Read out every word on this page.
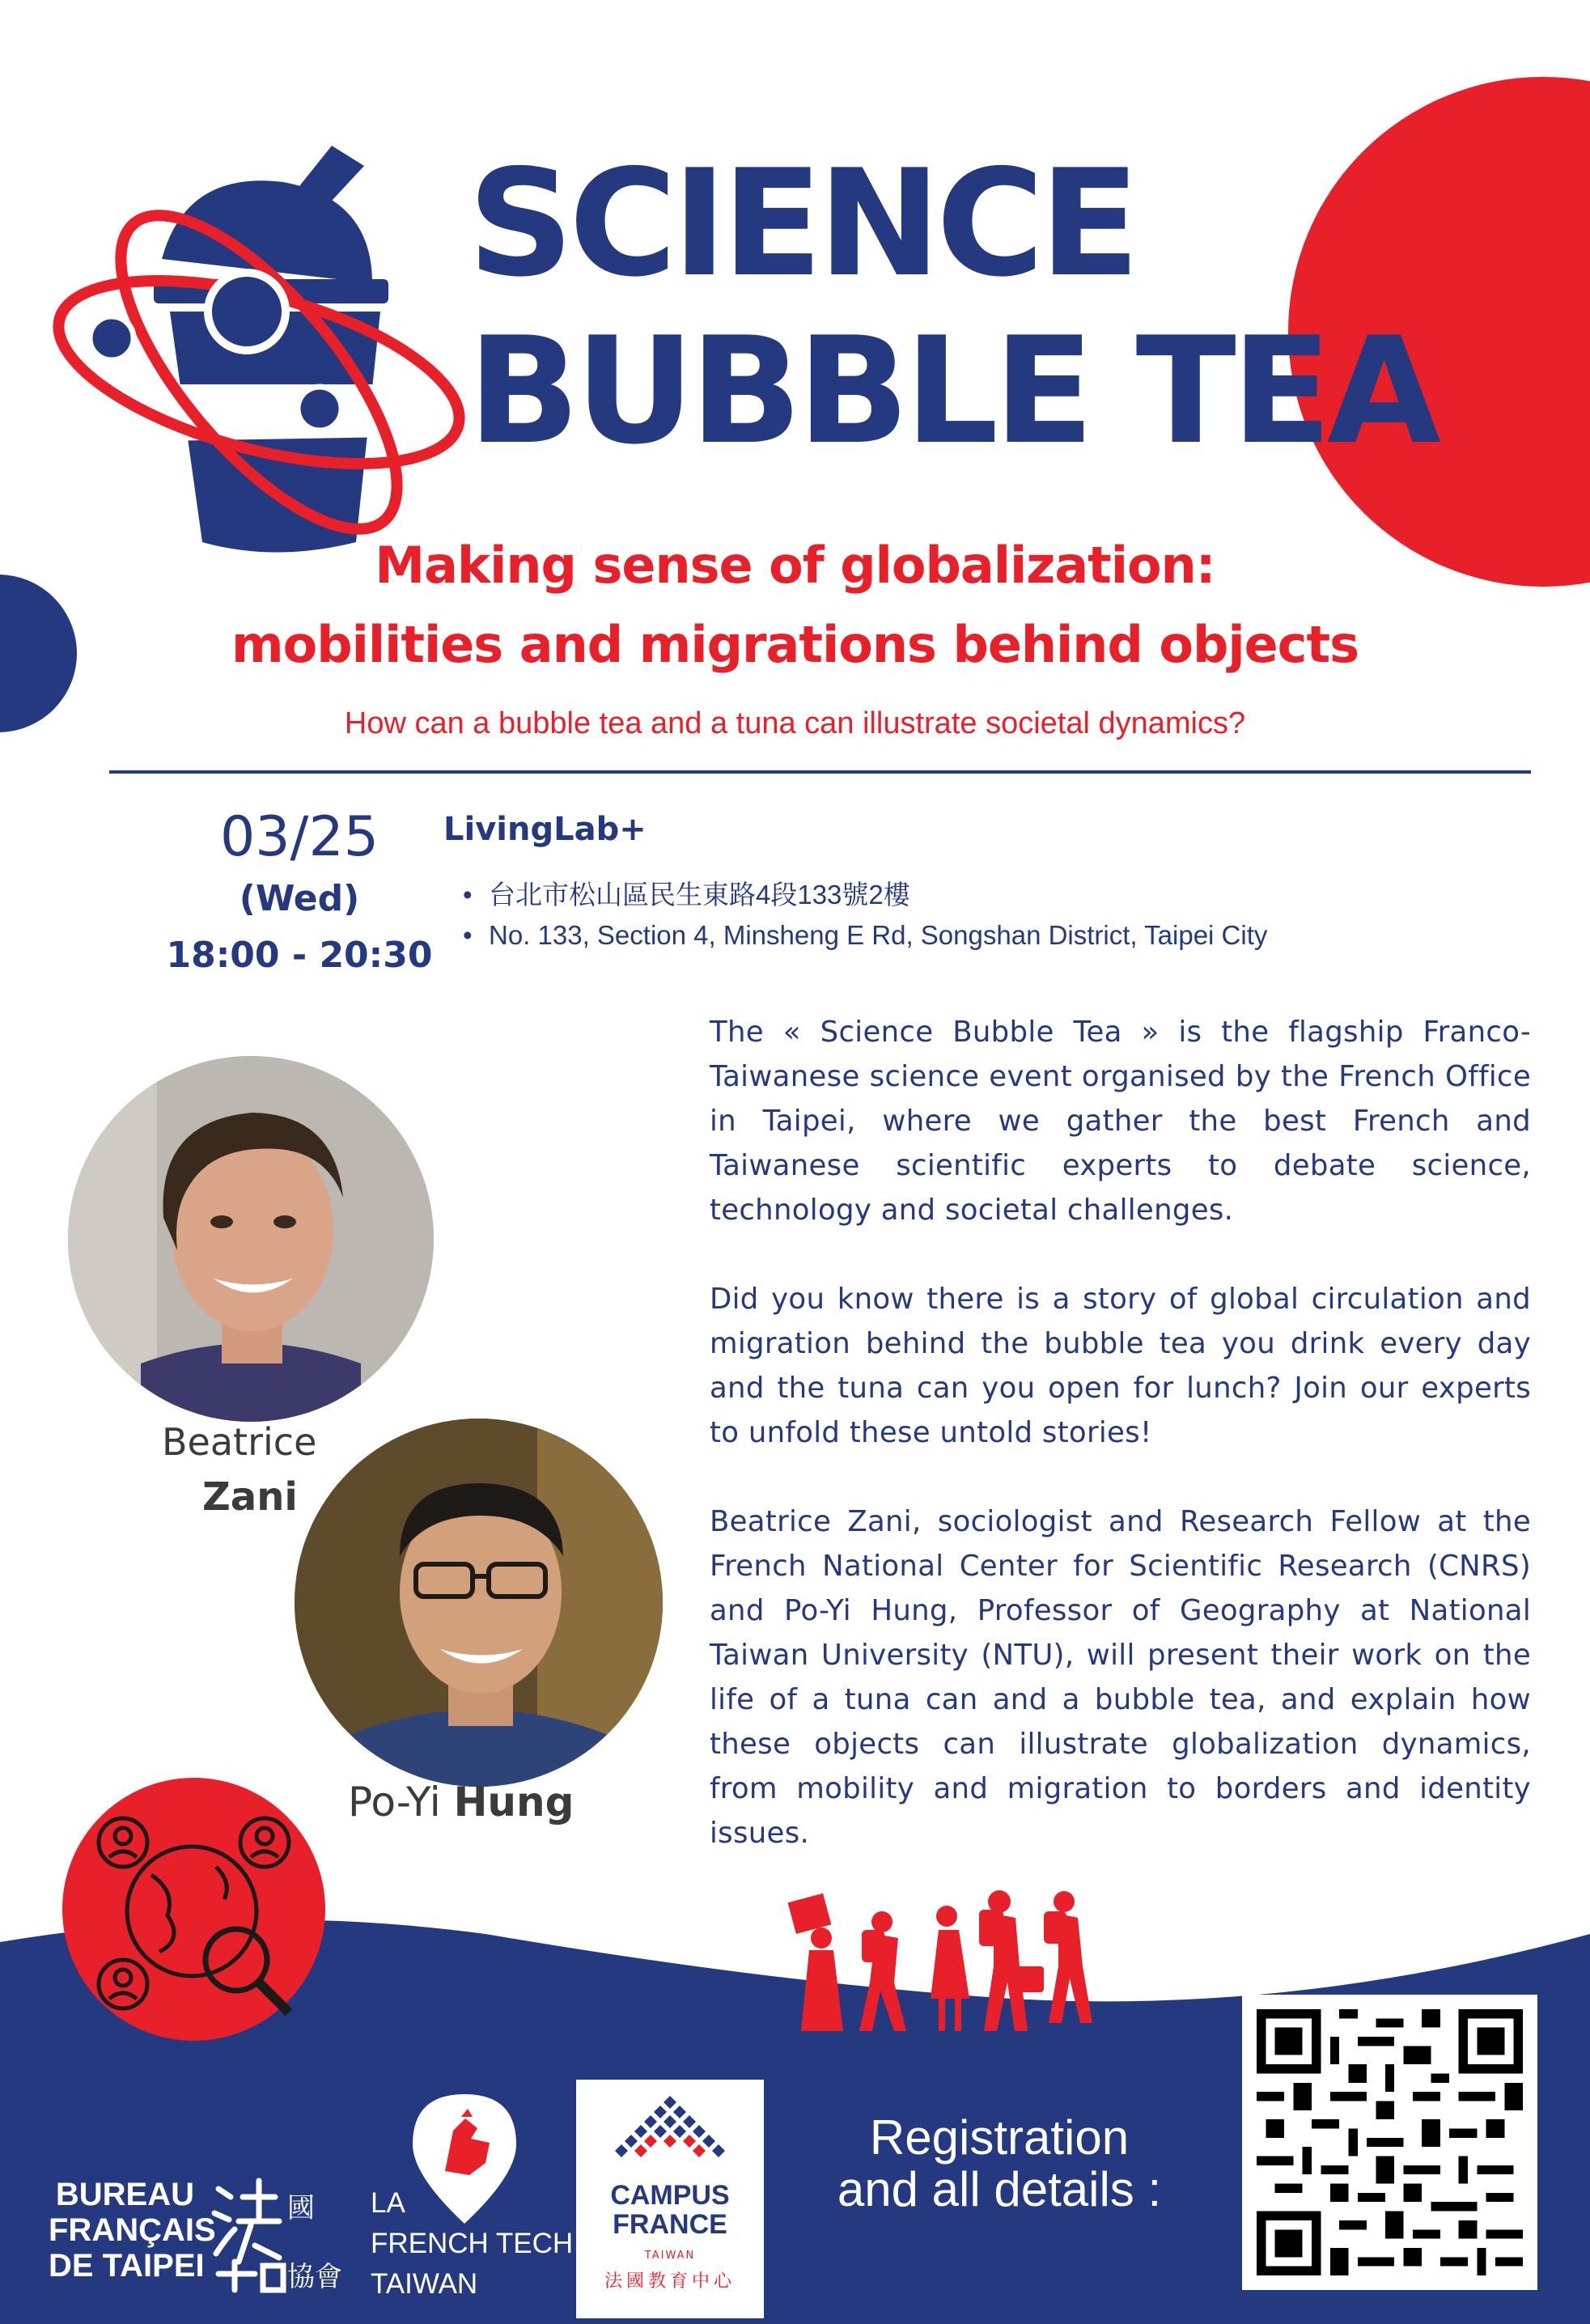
SCIENCE
BUBBLE TEA
Making sense of globalization:
mobilities and migrations behind objects
How can a bubble tea and a tuna can illustrate societal dynamics?
03/25
(Wed)
18:00 - 20:30
LivingLab+
• 台北市松山區民生東路4段133號2樓
• No. 133, Section 4, Minsheng E Rd, Songshan District, Taipei City
The « Science Bubble Tea » is the flagship Franco-Taiwanese science event organised by the French Office in Taipei, where we gather the best French and Taiwanese scientific experts to debate science, technology and societal challenges.
Did you know there is a story of global circulation and migration behind the bubble tea you drink every day and the tuna can you open for lunch? Join our experts to unfold these untold stories!
Beatrice Zani, sociologist and Research Fellow at the French National Center for Scientific Research (CNRS) and Po-Yi Hung, Professor of Geography at National Taiwan University (NTU), will present their work on the life of a tuna can and a bubble tea, and explain how these objects can illustrate globalization dynamics, from mobility and migration to borders and identity issues.
Beatrice
Zani
Po-Yi Hung
Registration
and all details :
BUREAU
FRANÇAIS
DE TAIPEI
國
協會
LA
FRENCH TECH
TAIWAN
CAMPUS
FRANCE
TAIWAN
法國教育中心
